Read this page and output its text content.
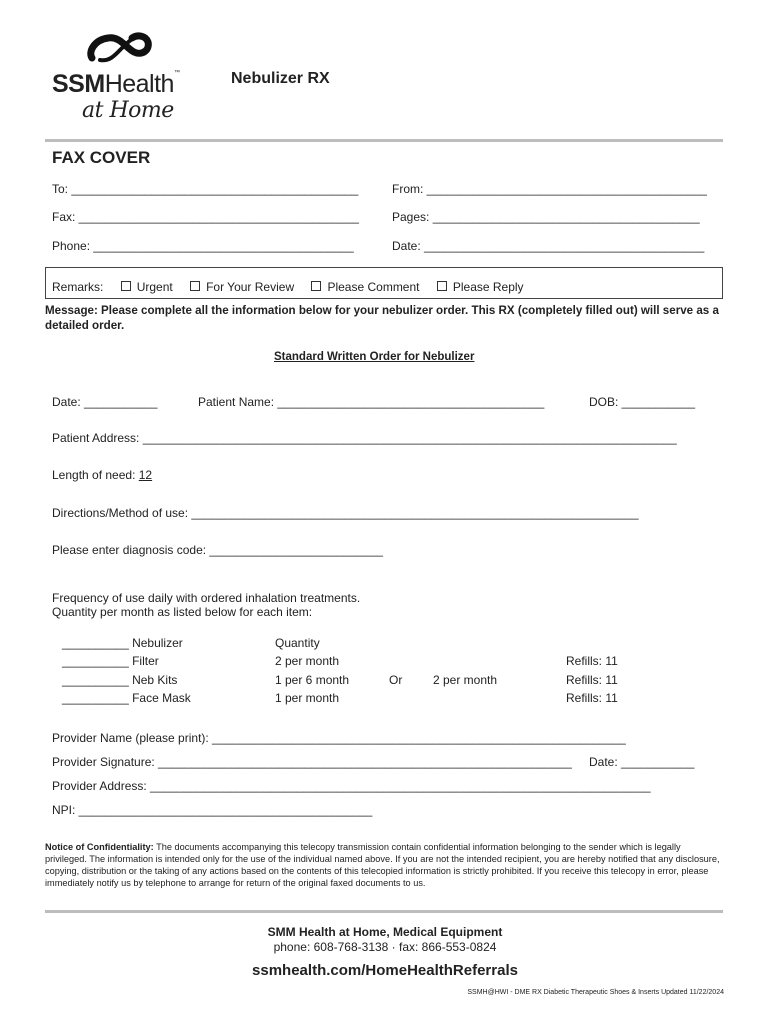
SSMHealth™
at Home
Nebulizer RX
FAX COVER
To: ___________________________________________	From: __________________________________________
Fax: __________________________________________	Pages: ________________________________________
Phone: _______________________________________	Date: __________________________________________
Remarks:	Urgent	For Your Review	Please Comment	Please Reply
Message: Please complete all the information below for your nebulizer order. This RX (completely filled out) will serve as a detailed order.
Standard Written Order for Nebulizer
Date: ___________	Patient Name: ________________________________________	DOB: ___________
Patient Address: ________________________________________________________________________________
Length of need: 12
Directions/Method of use: ___________________________________________________________________
Please enter diagnosis code: __________________________
Frequency of use daily with ordered inhalation treatments.
Quantity per month as listed below for each item:
__________ Nebulizer	Quantity
__________ Filter	2 per month	Refills: 11
__________ Neb Kits	1 per 6 month	Or	2 per month	Refills: 11
__________ Face Mask	1 per month	Refills: 11
Provider Name (please print): ______________________________________________________________
Provider Signature: ______________________________________________________________ Date: ___________
Provider Address: ___________________________________________________________________________
NPI: ____________________________________________
Notice of Confidentiality: The documents accompanying this telecopy transmission contain confidential information belonging to the sender which is legally privileged. The information is intended only for the use of the individual named above. If you are not the intended recipient, you are hereby notified that any disclosure, copying, distribution or the taking of any actions based on the contents of this telecopied information is strictly prohibited. If you receive this telecopy in error, please immediately notify us by telephone to arrange for return of the original faxed documents to us.
SMM Health at Home, Medical Equipment
phone: 608-768-3138 · fax: 866-553-0824
ssmhealth.com/HomeHealthReferrals
SSMH@HWI - DME RX Diabetic Therapeutic Shoes & Inserts Updated 11/22/2024
